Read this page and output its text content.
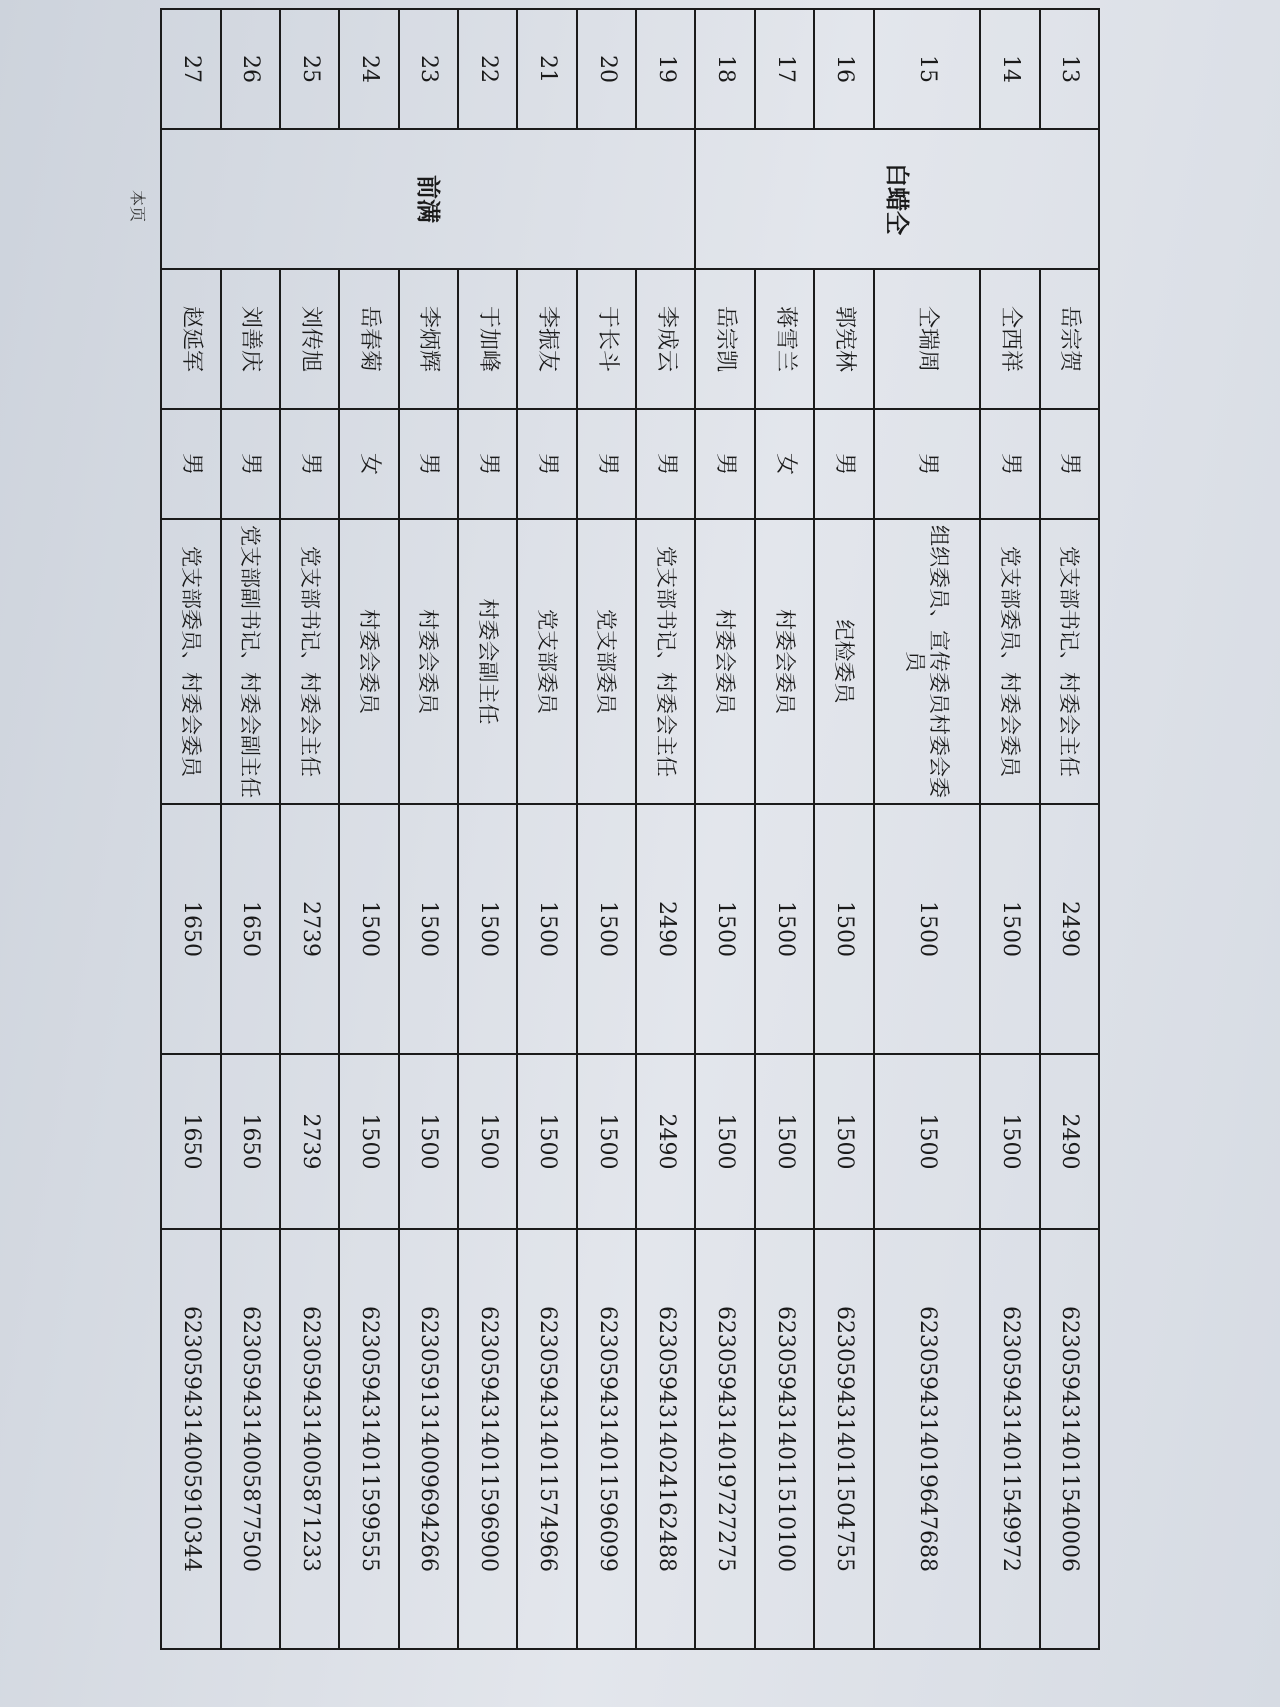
13	白蜡仝	岳宗贺	男	党支部书记、村委会主任	2490	2490	6230594314011540006
14		仝西祥	男	党支部委员、村委会委员	1500	1500	6230594314011549972
15		仝瑞周	男	组织委员、宣传委员村委会委员	1500	1500	6230594314019647688
16		郭宪林	男	纪检委员	1500	1500	6230594314011504755
17		蒋雪兰	女	村委会委员	1500	1500	6230594314011510100
18		岳宗凯	男	村委会委员	1500	1500	6230594314019727275
19	前满	李成云	男	党支部书记、村委会主任	2490	2490	6230594314024162488
20		于长斗	男	党支部委员	1500	1500	6230594314011596099
21		李振友	男	党支部委员	1500	1500	6230594314011574966
22		于加峰	男	村委会副主任	1500	1500	6230594314011596900
23		李炳辉	男	村委会委员	1500	1500	6230591314009694266
24		岳春菊	女	村委会委员	1500	1500	6230594314011599555
25		刘传旭	男	党支部书记、村委会主任	2739	2739	6230594314005871233
26		刘善庆	男	党支部副书记、村委会副主任	1650	1650	6230594314005877500
27		赵延军	男	党支部委员、村委会委员	1650	1650	6230594314005910344
本页
